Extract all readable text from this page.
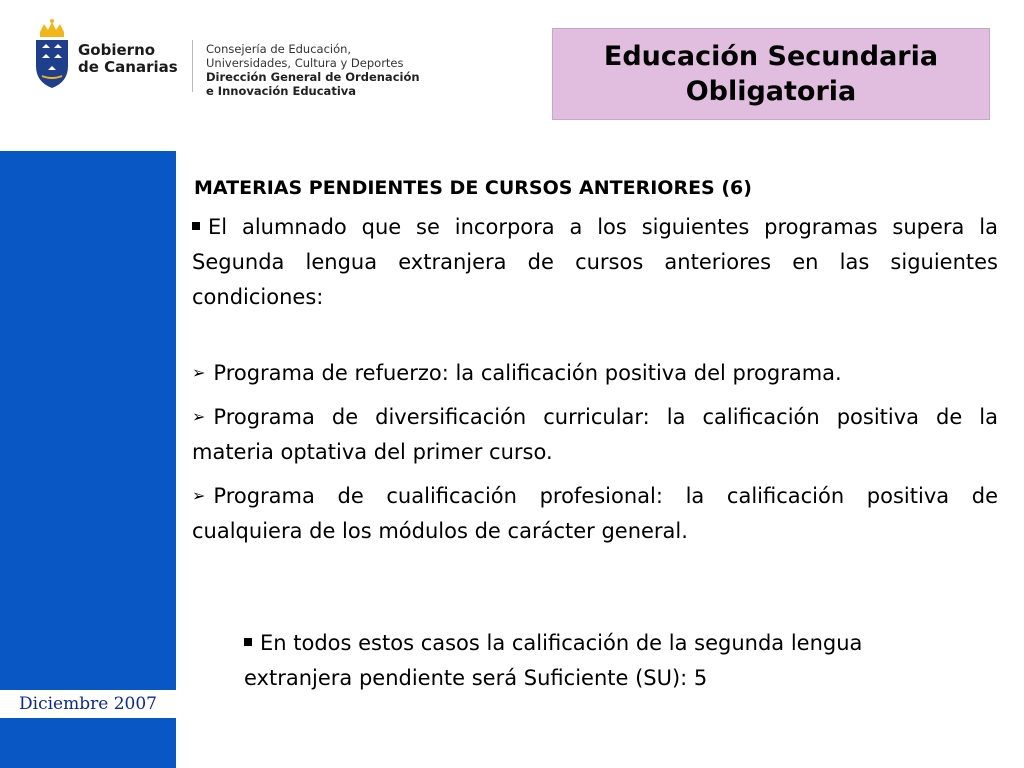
Gobierno
de Canarias
Consejería de Educación,
Universidades, Cultura y Deportes
Dirección General de Ordenación
e Innovación Educativa
Educación Secundaria
Obligatoria
Diciembre 2007
MATERIAS PENDIENTES DE CURSOS ANTERIORES (6)
El alumnado que se incorpora a los siguientes programas supera la Segunda lengua extranjera de cursos anteriores en las siguientes condiciones:
➢ Programa de refuerzo: la calificación positiva del programa.
➢ Programa de diversificación curricular: la calificación positiva de la materia optativa del primer curso.
➢ Programa de cualificación profesional: la calificación positiva de cualquiera de los módulos de carácter general.
En todos estos casos la calificación de la segunda lengua extranjera pendiente será Suficiente (SU): 5
